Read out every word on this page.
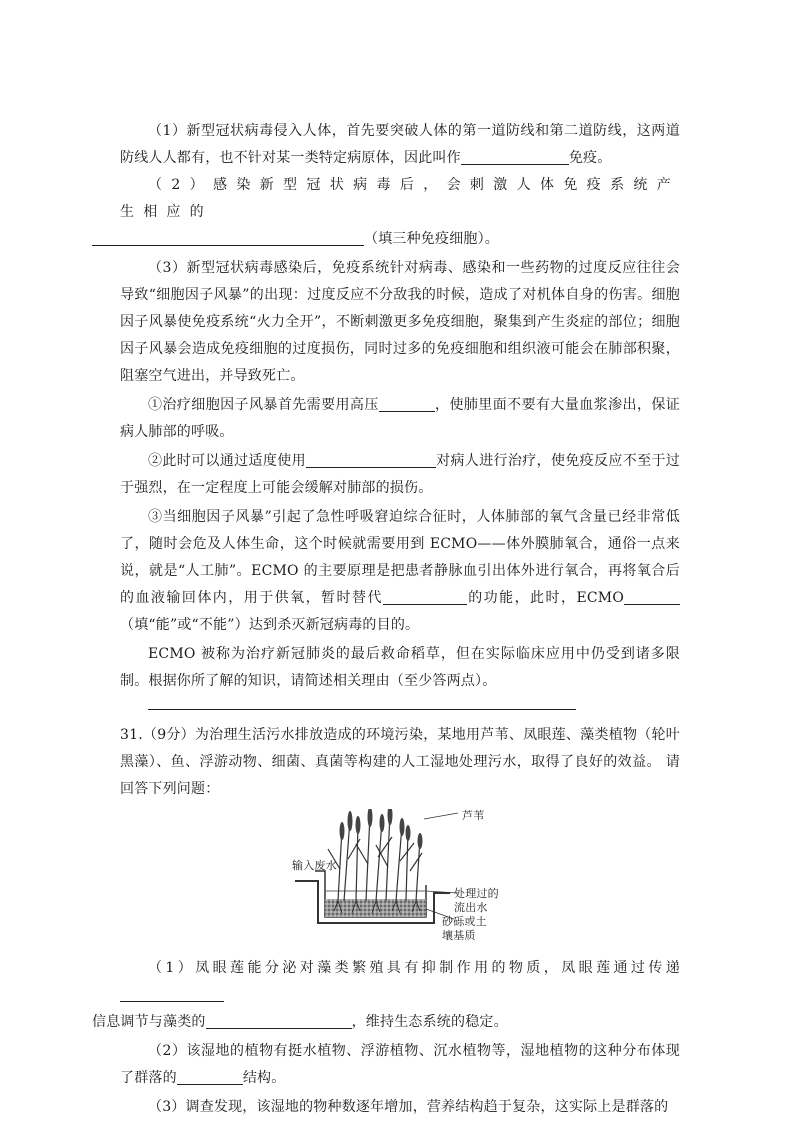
（1）新型冠状病毒侵入人体，首先要突破人体的第一道防线和第二道防线，这两道防线人人都有，也不针对某一类特定病原体，因此叫作	免疫。

（2）感染新型冠状病毒后，会刺激人体免疫系统产生相应的
（填三种免疫细胞）。

（3）新型冠状病毒感染后，免疫系统针对病毒、感染和一些药物的过度反应往往会导致“细胞因子风暴”的出现：过度反应不分敌我的时候，造成了对机体自身的伤害。细胞因子风暴使免疫系统“火力全开”，不断刺激更多免疫细胞，聚集到产生炎症的部位；细胞因子风暴会造成免疫细胞的过度损伤，同时过多的免疫细胞和组织液可能会在肺部积聚，阻塞空气进出，并导致死亡。

①治疗细胞因子风暴首先需要用高压	，使肺里面不要有大量血浆渗出，保证病人肺部的呼吸。

②此时可以通过适度使用	对病人进行治疗，使免疫反应不至于过于强烈，在一定程度上可能会缓解对肺部的损伤。

③当细胞因子风暴”引起了急性呼吸窘迫综合征时，人体肺部的氧气含量已经非常低了，随时会危及人体生命，这个时候就需要用到 ECMO——体外膜肺氧合，通俗一点来说，就是“人工肺”。ECMO 的主要原理是把患者静脉血引出体外进行氧合，再将氧合后的血液输回体内，用于供氧，暂时替代	的功能，此时，ECMO（填“能”或“不能”）达到杀灭新冠病毒的目的。

ECMO 被称为治疗新冠肺炎的最后救命稻草，但在实际临床应用中仍受到诸多限制。根据你所了解的知识，请简述相关理由（至少答两点）。

31.（9分）为治理生活污水排放造成的环境污染，某地用芦苇、凤眼莲、藻类植物（轮叶黑藻）、鱼、浮游动物、细菌、真菌等构建的人工湿地处理污水，取得了良好的效益。 请回答下列问题：

芦苇
输入废水
处理过的
流出水
砂砾或土
壤基质

（1）凤眼莲能分泌对藻类繁殖具有抑制作用的物质，凤眼莲通过传递
信息调节与藻类的	，维持生态系统的稳定。

（2）该湿地的植物有挺水植物、浮游植物、沉水植物等，湿地植物的这种分布体现了群落的	结构。

（3）调查发现，该湿地的物种数逐年增加，营养结构趋于复杂，这实际上是群落的
